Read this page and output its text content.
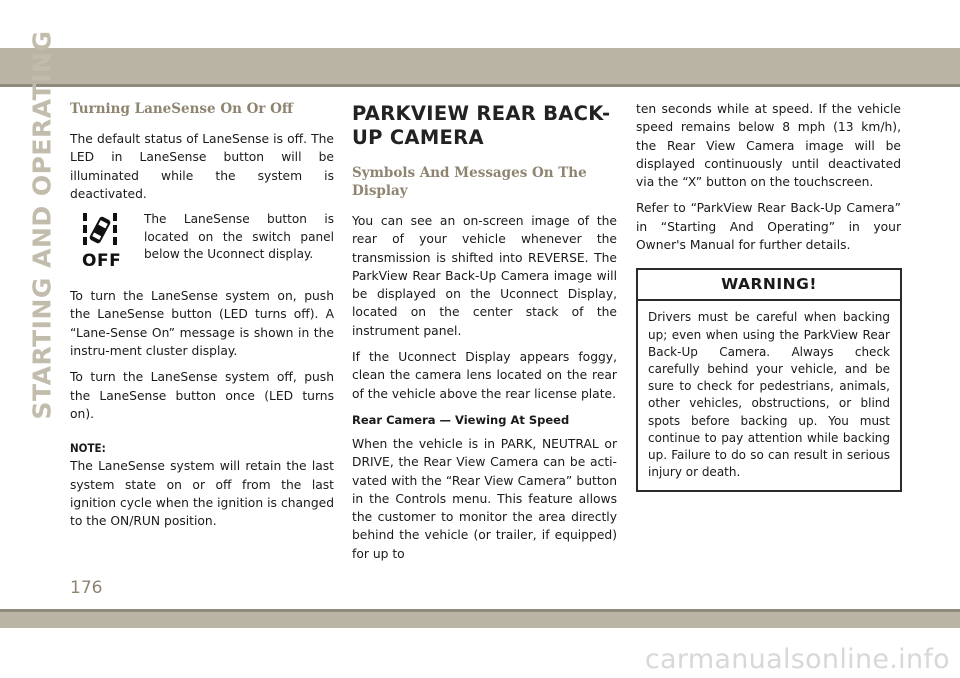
STARTING AND OPERATING Turning LaneSense On Or Off

The default status of LaneSense is off. The LED in LaneSense button will be illuminated while the system is deactivated.

OFF
The LaneSense button is located on the switch panel below the Uconnect display.

To turn the LaneSense system on, push the LaneSense button (LED turns off). A “Lane-Sense On” message is shown in the instru-ment cluster display.

To turn the LaneSense system off, push the LaneSense button once (LED turns on).

NOTE:

The LaneSense system will retain the last system state on or off from the last ignition cycle when the ignition is changed to the ON/RUN position.

PARKVIEW REAR BACK-UP CAMERA
Symbols And Messages On The Display

You can see an on-screen image of the rear of your vehicle whenever the transmission is shifted into REVERSE. The ParkView Rear Back-Up Camera image will be displayed on the Uconnect Display, located on the center stack of the instrument panel.

If the Uconnect Display appears foggy, clean the camera lens located on the rear of the vehicle above the rear license plate.

Rear Camera — Viewing At Speed

When the vehicle is in PARK, NEUTRAL or DRIVE, the Rear View Camera can be acti-vated with the “Rear View Camera” button in the Controls menu. This feature allows the customer to monitor the area directly behind the vehicle (or trailer, if equipped) for up to

ten seconds while at speed. If the vehicle speed remains below 8 mph (13 km/h), the Rear View Camera image will be displayed continuously until deactivated via the “X” button on the touchscreen.

Refer to “ParkView Rear Back-Up Camera” in “Starting And Operating” in your Owner's Manual for further details.

WARNING!
Drivers must be careful when backing up; even when using the ParkView Rear Back-Up Camera. Always check carefully behind your vehicle, and be sure to check for pedestrians, animals, other vehicles, obstructions, or blind spots before backing up. You must continue to pay attention while backing up. Failure to do so can result in serious injury or death.
176
carmanualsonline.info
